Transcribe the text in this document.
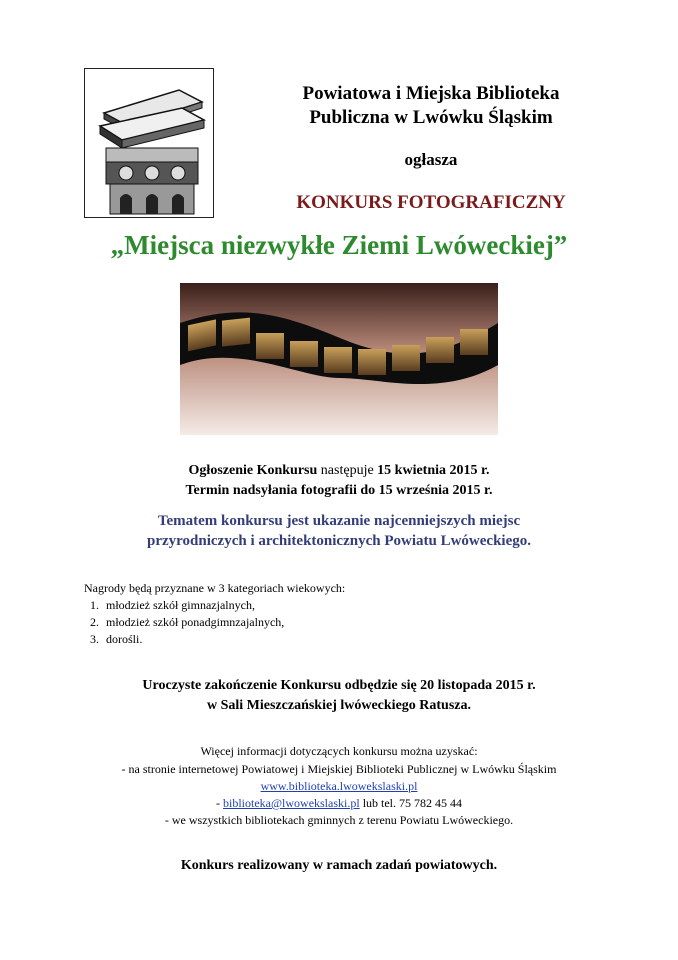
Powiatowa i Miejska Biblioteka
Publiczna w Lwówku Śląskim
ogłasza
KONKURS FOTOGRAFICZNY
„Miejsca niezwykłe Ziemi Lwóweckiej”
Ogłoszenie Konkursu następuje 15 kwietnia 2015 r.
Termin nadsyłania fotografii do 15 września 2015 r.
Tematem konkursu jest ukazanie najcenniejszych miejsc
przyrodniczych i architektonicznych Powiatu Lwóweckiego.
Nagrody będą przyznane w 3 kategoriach wiekowych:
1. młodzież szkół gimnazjalnych,
2. młodzież szkół ponadgimnzajalnych,
3. dorośli.
Uroczyste zakończenie Konkursu odbędzie się 20 listopada 2015 r.
w Sali Mieszczańskiej lwóweckiego Ratusza.
Więcej informacji dotyczących konkursu można uzyskać:
- na stronie internetowej Powiatowej i Miejskiej Biblioteki Publicznej w Lwówku Śląskim
www.biblioteka.lwowekslaski.pl
- biblioteka@lwowekslaski.pl lub tel. 75 782 45 44
- we wszystkich bibliotekach gminnych z terenu Powiatu Lwóweckiego.
Konkurs realizowany w ramach zadań powiatowych.
